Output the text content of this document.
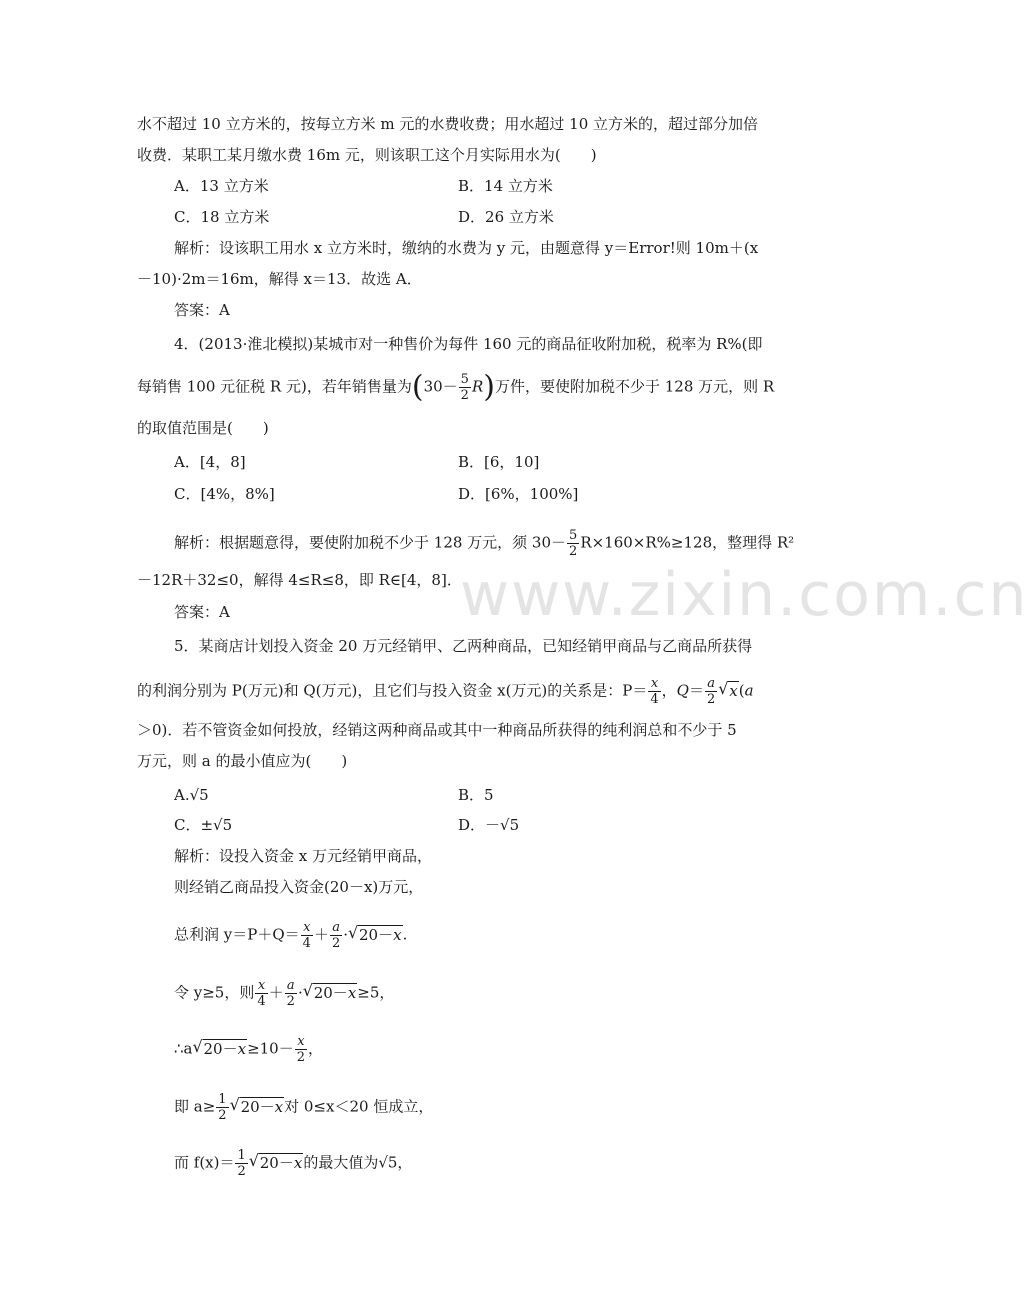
www.zixin.com.cn
水不超过 10 立方米的，按每立方米 m 元的水费收费；用水超过 10 立方米的，超过部分加倍
收费．某职工某月缴水费 16m 元，则该职工这个月实际用水为(　　)
A．13 立方米	B．14 立方米
C．18 立方米	D．26 立方米
解析：设该职工用水 x 立方米时，缴纳的水费为 y 元，由题意得 y＝Error!则 10m＋(x
－10)·2m＝16m，解得 x＝13．故选 A．
答案：A
4．(2013·淮北模拟)某城市对一种售价为每件 160 元的商品征收附加税，税率为 R%(即
每销售 100 元征税 R 元)，若年销售量为$(30- \frac{5}{2} R)$万件，要使附加税不少于 128 万元，则 R
的取值范围是(　　)
A．[4，8]	B．[6，10]
C．[4%，8%]	D．[6%，100%]
解析：根据题意得，要使附加税不少于 128 万元，须 $30- \frac{5}{2} R\times 160\times R\%\ge 128$，整理得 R²
－12R＋32≤0，解得 4≤R≤8，即 R∈[4，8]．
答案：A
5．某商店计划投入资金 20 万元经销甲、乙两种商品，已知经销甲商品与乙商品所获得
的利润分别为 P(万元)和 Q(万元)，且它们与投入资金 x(万元)的关系是：$P= \frac{x}{4}$ ，$Q= \frac{a}{2}$ √ x(a
＞0)．若不管资金如何投放，经销这两种商品或其中一种商品所获得的纯利润总和不少于 5
万元，则 a 的最小值应为(　　)
A.√5	B．5
C．±√5	D．－√5
解析：设投入资金 x 万元经销甲商品，
则经销乙商品投入资金(20－x)万元，
总利润 $y=P+Q= \frac{x}{4} + \frac{a}{2}$ · √ 20－x.
令 y≥5，则 $\frac{x}{4} + \frac{a}{2}$ · √ 20－x≥5，
∴a √ $20-x\ge 10- \frac{x}{2}$ ，
即 $a\ge \frac{1}{2}$ √ 20－x对 0≤x＜20 恒成立，
而 $f(x)= \frac{1}{2}$ √ 20－x的最大值为√5，
